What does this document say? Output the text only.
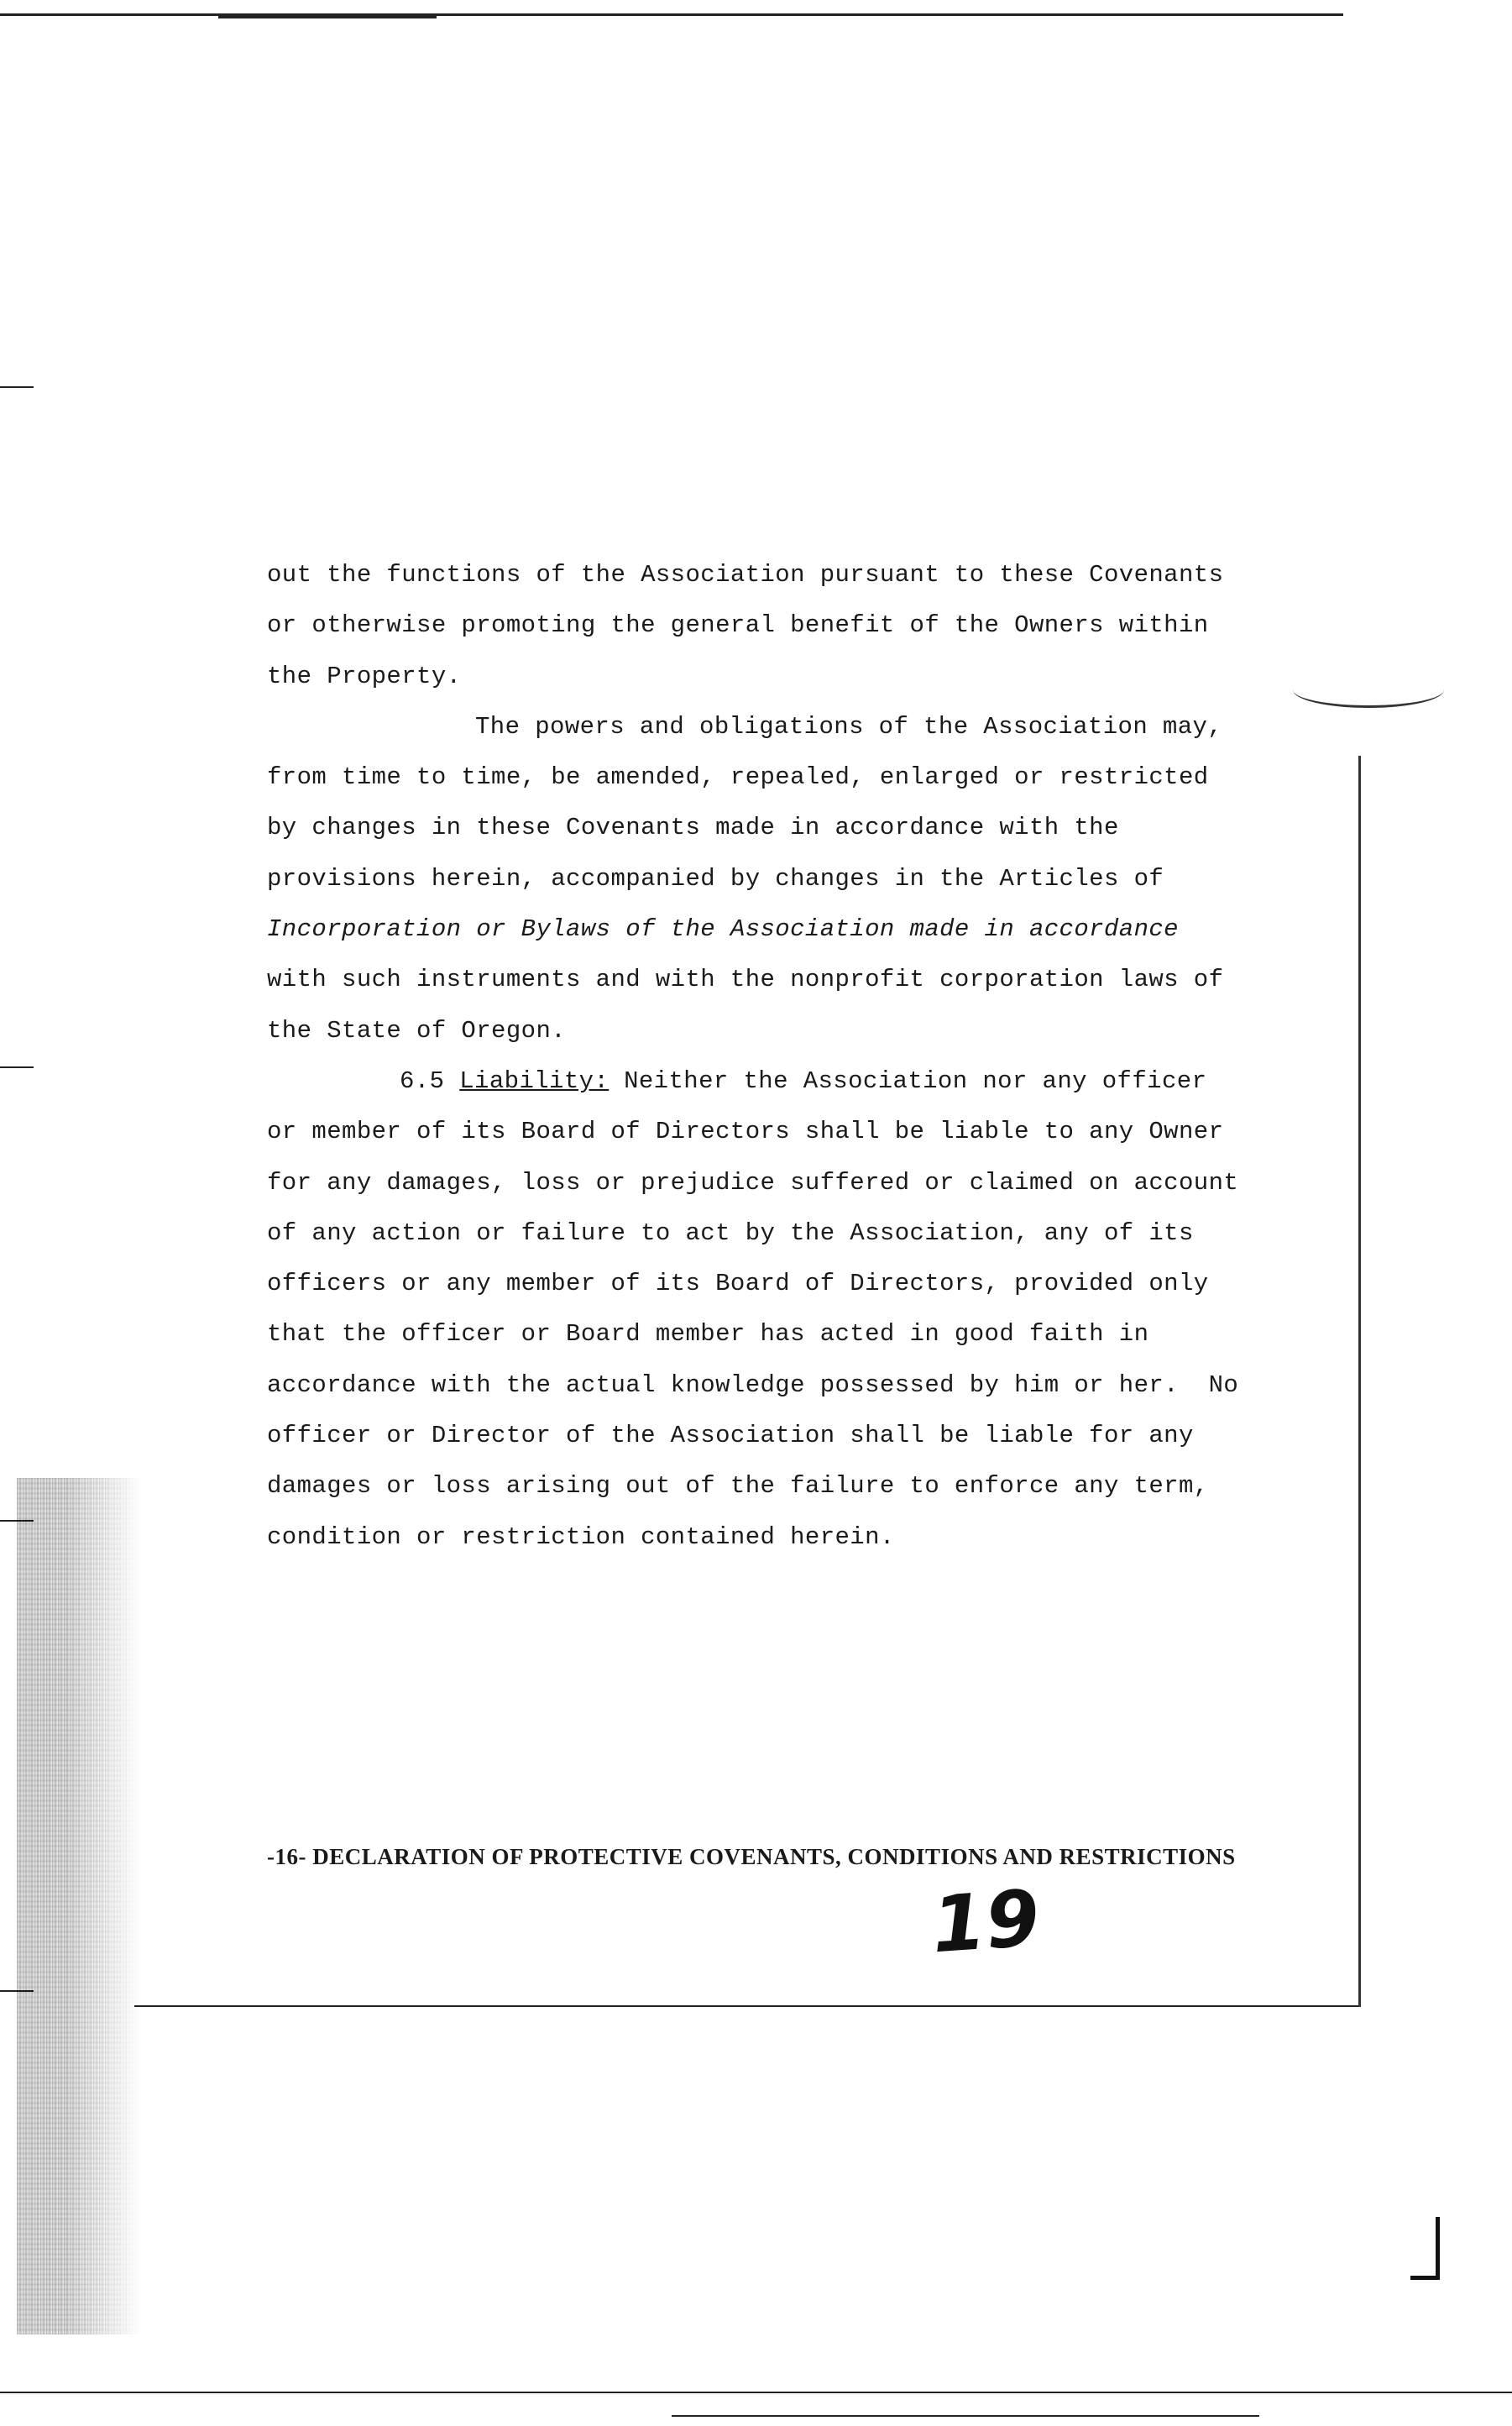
out the functions of the Association pursuant to these Covenants
or otherwise promoting the general benefit of the Owners within
the Property.
The powers and obligations of the Association may,
from time to time, be amended, repealed, enlarged or restricted
by changes in these Covenants made in accordance with the
provisions herein, accompanied by changes in the Articles of
Incorporation or Bylaws of the Association made in accordance
with such instruments and with the nonprofit corporation laws of
the State of Oregon.
6.5 Liability: Neither the Association nor any officer
or member of its Board of Directors shall be liable to any Owner
for any damages, loss or prejudice suffered or claimed on account
of any action or failure to act by the Association, any of its
officers or any member of its Board of Directors, provided only
that the officer or Board member has acted in good faith in
accordance with the actual knowledge possessed by him or her.  No
officer or Director of the Association shall be liable for any
damages or loss arising out of the failure to enforce any term,
condition or restriction contained herein.
-16- DECLARATION OF PROTECTIVE COVENANTS, CONDITIONS AND RESTRICTIONS
19
